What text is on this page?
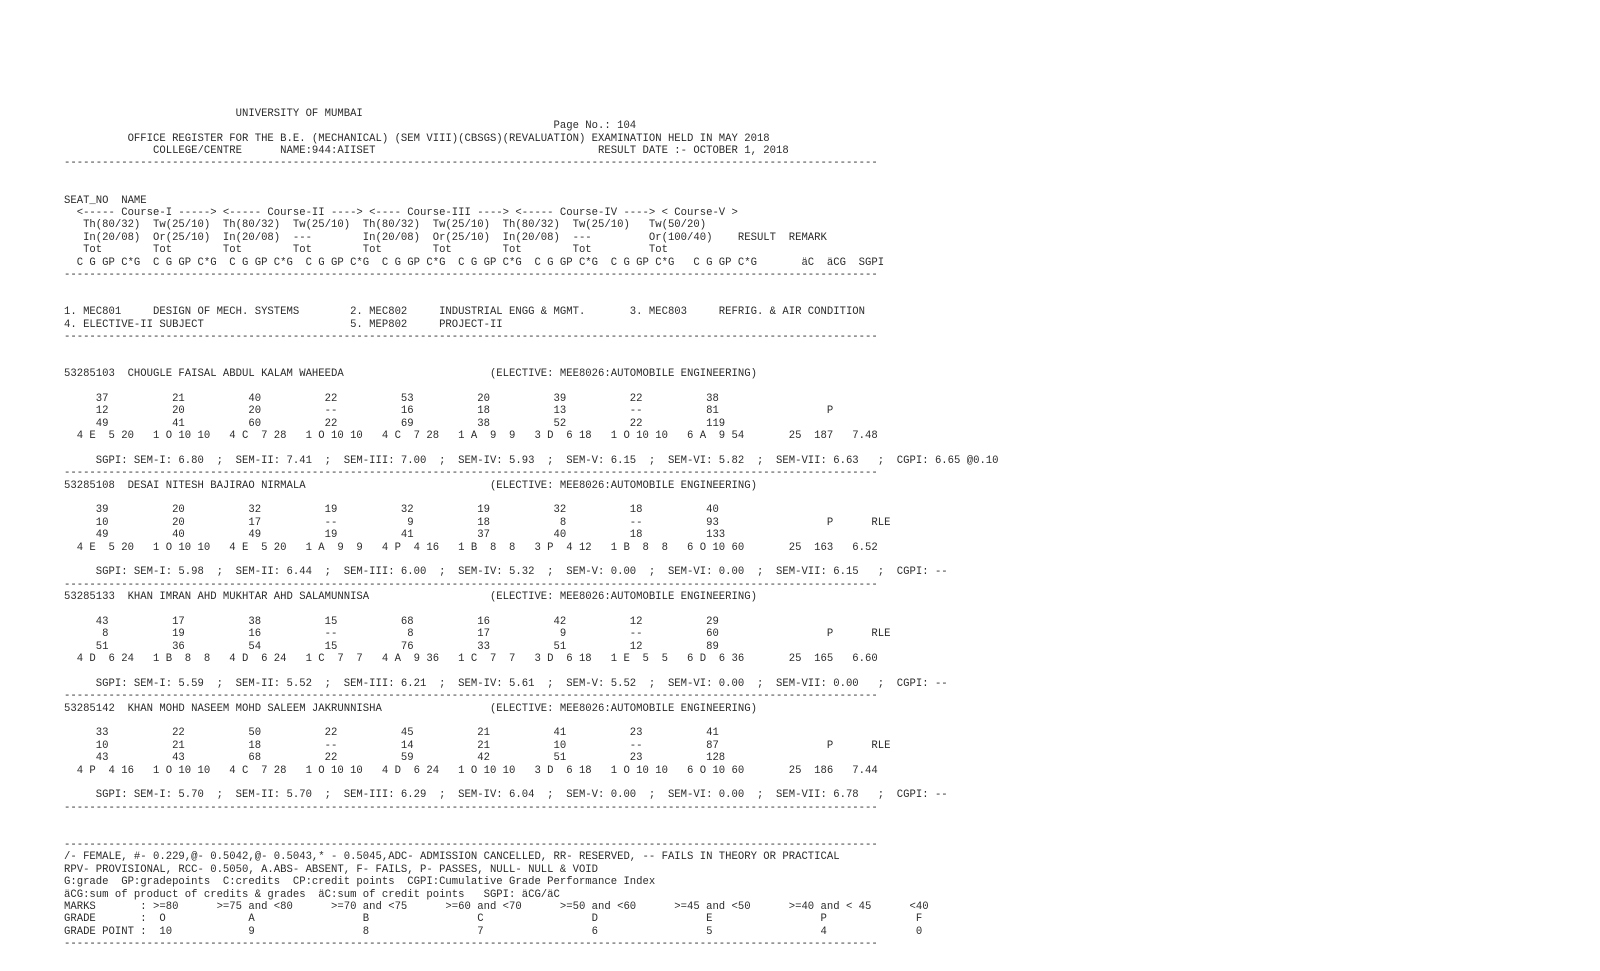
UNIVERSITY OF MUMBAI
Page No.: 104
OFFICE REGISTER FOR THE B.E. (MECHANICAL) (SEM VIII)(CBSGS)(REVALUATION) EXAMINATION HELD IN MAY 2018
COLLEGE/CENTRE      NAME:944:AIISET                                   RESULT DATE :- OCTOBER 1, 2018
--------------------------------------------------------------------------------------------------------------------------------

SEAT_NO  NAME
<----- Course-I -----> <----- Course-II ----> <---- Course-III ----> <----- Course-IV ----> < Course-V >
Th(80/32)  Tw(25/10)  Th(80/32)  Tw(25/10)  Th(80/32)  Tw(25/10)  Th(80/32)  Tw(25/10)   Tw(50/20)
In(20/08)  Or(25/10)  In(20/08)  ---        In(20/08)  Or(25/10)  In(20/08)  ---         Or(100/40)    RESULT  REMARK
Tot        Tot        Tot        Tot        Tot        Tot        Tot        Tot         Tot
C G GP C*G  C G GP C*G  C G GP C*G  C G GP C*G  C G GP C*G  C G GP C*G  C G GP C*G  C G GP C*G   C G GP C*G       äC  äCG  SGPI
--------------------------------------------------------------------------------------------------------------------------------

1. MEC801     DESIGN OF MECH. SYSTEMS        2. MEC802     INDUSTRIAL ENGG & MGMT.       3. MEC803     REFRIG. & AIR CONDITION
4. ELECTIVE-II SUBJECT                       5. MEP802     PROJECT-II
--------------------------------------------------------------------------------------------------------------------------------

53285103  CHOUGLE FAISAL ABDUL KALAM WAHEEDA                       (ELECTIVE: MEE8026:AUTOMOBILE ENGINEERING)
37          21          40          22          53          20          39          22          38
12          20          20          --          16          18          13          --          81                 P
49          41          60          22          69          38          52          22          119
4 E  5 20   1 O 10 10   4 C  7 28   1 O 10 10   4 C  7 28   1 A  9  9   3 D  6 18   1 O 10 10   6 A  9 54       25  187   7.48
SGPI: SEM-I: 6.80  ;  SEM-II: 7.41  ;  SEM-III: 7.00  ;  SEM-IV: 5.93  ;  SEM-V: 6.15  ;  SEM-VI: 5.82  ;  SEM-VII: 6.63   ;  CGPI: 6.65 @0.10
--------------------------------------------------------------------------------------------------------------------------------
53285108  DESAI NITESH BAJIRAO NIRMALA                             (ELECTIVE: MEE8026:AUTOMOBILE ENGINEERING)
39          20          32          19          32          19          32          18          40
10          20          17          --           9          18           8          --          93                 P      RLE
49          40          49          19          41          37          40          18          133
4 E  5 20   1 O 10 10   4 E  5 20   1 A  9  9   4 P  4 16   1 B  8  8   3 P  4 12   1 B  8  8   6 O 10 60       25  163   6.52
SGPI: SEM-I: 5.98  ;  SEM-II: 6.44  ;  SEM-III: 6.00  ;  SEM-IV: 5.32  ;  SEM-V: 0.00  ;  SEM-VI: 0.00  ;  SEM-VII: 6.15   ;  CGPI: --
--------------------------------------------------------------------------------------------------------------------------------
53285133  KHAN IMRAN AHD MUKHTAR AHD SALAMUNNISA                   (ELECTIVE: MEE8026:AUTOMOBILE ENGINEERING)
43          17          38          15          68          16          42          12          29
8          19          16          --           8          17           9          --          60                 P      RLE
51          36          54          15          76          33          51          12          89
4 D  6 24   1 B  8  8   4 D  6 24   1 C  7  7   4 A  9 36   1 C  7  7   3 D  6 18   1 E  5  5   6 D  6 36       25  165   6.60
SGPI: SEM-I: 5.59  ;  SEM-II: 5.52  ;  SEM-III: 6.21  ;  SEM-IV: 5.61  ;  SEM-V: 5.52  ;  SEM-VI: 0.00  ;  SEM-VII: 0.00   ;  CGPI: --
--------------------------------------------------------------------------------------------------------------------------------
53285142  KHAN MOHD NASEEM MOHD SALEEM JAKRUNNISHA                 (ELECTIVE: MEE8026:AUTOMOBILE ENGINEERING)
33          22          50          22          45          21          41          23          41
10          21          18          --          14          21          10          --          87                 P      RLE
43          43          68          22          59          42          51          23          128
4 P  4 16   1 O 10 10   4 C  7 28   1 O 10 10   4 D  6 24   1 O 10 10   3 D  6 18   1 O 10 10   6 O 10 60       25  186   7.44
SGPI: SEM-I: 5.70  ;  SEM-II: 5.70  ;  SEM-III: 6.29  ;  SEM-IV: 6.04  ;  SEM-V: 0.00  ;  SEM-VI: 0.00  ;  SEM-VII: 6.78   ;  CGPI: --
--------------------------------------------------------------------------------------------------------------------------------

--------------------------------------------------------------------------------------------------------------------------------
/- FEMALE, #- 0.229,@- 0.5042,@- 0.5043,* - 0.5045,ADC- ADMISSION CANCELLED, RR- RESERVED, -- FAILS IN THEORY OR PRACTICAL
RPV- PROVISIONAL, RCC- 0.5050, A.ABS- ABSENT, F- FAILS, P- PASSES, NULL- NULL & VOID
G:grade  GP:gradepoints  C:credits  CP:credit points  CGPI:Cumulative Grade Performance Index
äCG:sum of product of credits & grades  äC:sum of credit points   SGPI: äCG/äC
MARKS       : >=80      >=75 and <80      >=70 and <75      >=60 and <70      >=50 and <60      >=45 and <50      >=40 and < 45      <40
GRADE       :  O             A                 B                 C                 D                 E                 P              F
GRADE POINT :  10            9                 8                 7                 6                 5                 4              0
--------------------------------------------------------------------------------------------------------------------------------
